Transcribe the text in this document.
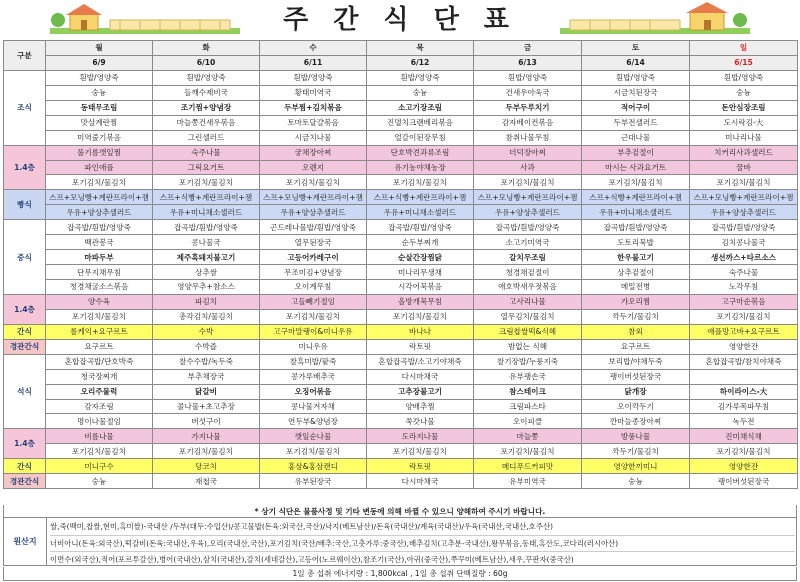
주 간 식 단 표
구분	월	화	수	목	금	토	일
	6/9	6/10	6/11	6/12	6/13	6/14	6/15
조식	흰밥/영양죽	흰밥/영양죽	흰밥/영양죽	흰밥/영양죽	흰밥/영양죽	흰밥/영양죽	흰밥/영양죽
	숭늉	들깨수제비국	황태미역국	숭늉	건새우아욱국	시금치된장국	숭늉
	동태무조림	조기찜+양념장	두부찜+김치볶음	소고기장조림	두부두루치기	적어구이	돈안심장조림
	맛살계란찜	마늘쫑건새우볶음	토마토달걀볶음	진멸치크랜베리볶음	감자베이컨볶음	두부전샐러드	도시락김-大
	미역줄기볶음	그린샐러드	시금치나물	얼갈이된장무침	참취나물무침	근대나물	미나리나물
1.4층	풀기름깻잎찜	숙주나물	궁채장아찌	단호박견과류조림	더덕장아찌	부추겉절이	치커리사과샐러드
	파인애플	그릭요거트	오렌지	유기농야채농장	사과	마시는 사과요거트	꿀바
	포기김치/물김치	포기김치/물김치	포기김치/물김치	포기김치/물김치	포기김치/물김치	포기김치/물김치	포기김치/물김치
빵식	스프+모닝빵+계란프라이+잼	스프+식빵+계란프라이+잼	스프+모닝빵+계란프라이+잼	스프+식빵+계란프라이+잼	스프+모닝빵+계란프라이+잼	스프+식빵+계란프라이+잼	스프+모닝빵+계란프라이+잼
	우유+양상추샐러드	우유+미니채소샐러드	우유+양상추샐러드	우유+미니채소샐러드	우유+양상추샐러드	우유+미니채소샐러드	우유+양상추샐러드
중식	잡곡밥/흰밥/영양죽	잡곡밥/흰밥/영양죽	곤드레나물밥/흰밥/영양죽	잡곡밥/흰밥/영양죽	잡곡밥/흰밥/영양죽	잡곡밥/흰밥/영양죽	잡곡밥/흰밥/영양죽
	백관봉국	콩나물국	열무된장국	순두부찌개	소고기미역국	도토리묵밥	김치콩나물국
	마파두부	제주흑돼지불고기	고등어카레구이	순살간장찜닭	갈치무조림	한우불고기	생선까스+타르소스
	단무지채무침	상추쌈	무조미김+양념장	미나리무생채	청경채겉절이	상추겉절이	숙주나물
	청경채굴소스볶음	영양무추+참소스	오이계무침	시각어묵볶음	애호박새우젓볶음	메밀전병	노각무침
1.4층	양수육	파김치	고들빼기절임	올방개묵무침	고사리나물	가오리찜	고구마순볶음
	포기김치/물김치	총각김치/물김치	포기김치/물김치	포기김치/물김치	열무김치/물김치	깍두기/물김치	포기김치/물김치
간식	롤케익+요구르트	수박	고구마말랭이&미니우유	바나나	크림찹쌀떡&식혜	참외	애플망고바+요구르트
경관간식	요구르트	수박즙	미니우유	락토핏	밤없는 식혜	요구르트	영양한잔
석식	혼합잡곡밥/단호박죽	찰수수밥/녹두죽	찰흑미밥/팥죽	혼합잡곡밥/소고기야채죽	찰기장밥/누룽지죽	보리밥/야채두죽	혼합잡곡밥/참치야채죽
	청국장찌개	부추채장국	콩가루배추국	다시마채국	유부팽손국	팽이버섯된장국	
	오리주물럭	닭갈비	오징어볶음	고추장불고기	참스테이크	닭개장	하이라이스-大
	감자조림	콜나물+초고추장	콩나물겨자채	양배추찜	크림파스타	오이깍두기	김가루목파무침
	명이나물절임	버섯구이	연두부&양념장	쑥갓나물	오이피클	깐마늘종장아찌	녹두전
1.4층	비름나물	가지나물	깻잎순나물	도라지나물	마늘쫑	방풍나물	진미채식채
	포기김치/물김치	포기김치/물김치	포기김치/물김치	포기김치/물김치	포기김치/물김치	깍두기/물김치	포기김치/물김치
간식	미니구수	당코치	홍삼&홍삼캔디	락토핏	메디푸드커피맛	영양한끼미니	영양한잔
경관간식	숭늉	재첩국	유부된장국	다시마채국	유부미역국	숭늉	팽이버섯된장국
* 상기 식단은 물품사정 및 기타 변동에 의해 바뀔 수 있으니 양해하여 주시기 바랍니다.
원산지
쌀,죽(백미,찹쌀,현미,흑미쌀)-국내산 /두부(대두:수입산)/콩고물밥(돈육:외국산,국산)/낙지(베트남산)/돈육(국내산)/계육(국내산)/우육(국내산,국내산,호주산)
너비아니(돈육:외국산),떡갈비(돈육:국내산,우육),오리(국내산,국산),포기김치(국산/배추:국산,고춧가루:중국산),배추김치(고추분-국내산),왕무볶음,동태,흑산도,코다리(러시아산)
이면수(외국산),적어(포르투갈산),병어(국내산),삼치(국내산),갈치(세네갈산),고등어(노르웨이산),참조기(국산),아귀(중국산),쭈꾸미(베트남산),새우,꾸판자(중국산)
1일 총 섭취 에너지량 : 1,800kcal , 1일 총 섭취 단백질량 : 60g
